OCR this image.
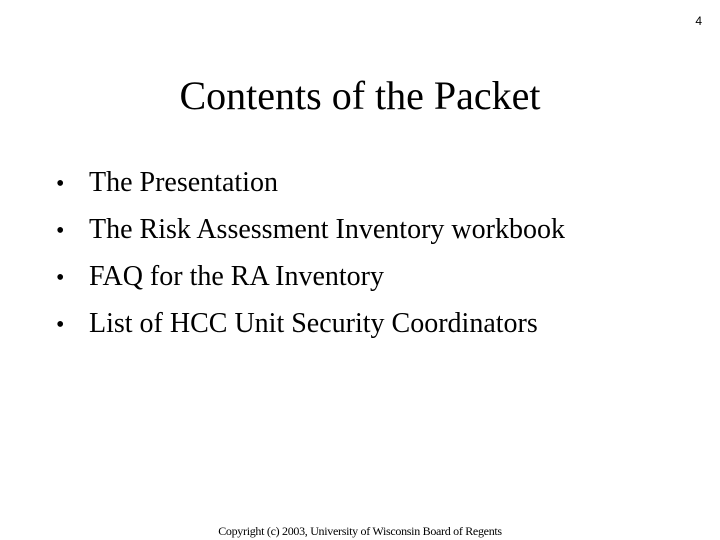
4
Contents of the Packet
• The Presentation
• The Risk Assessment Inventory workbook
• FAQ for the RA Inventory
• List of HCC Unit Security Coordinators
Copyright (c) 2003, University of Wisconsin Board of Regents
